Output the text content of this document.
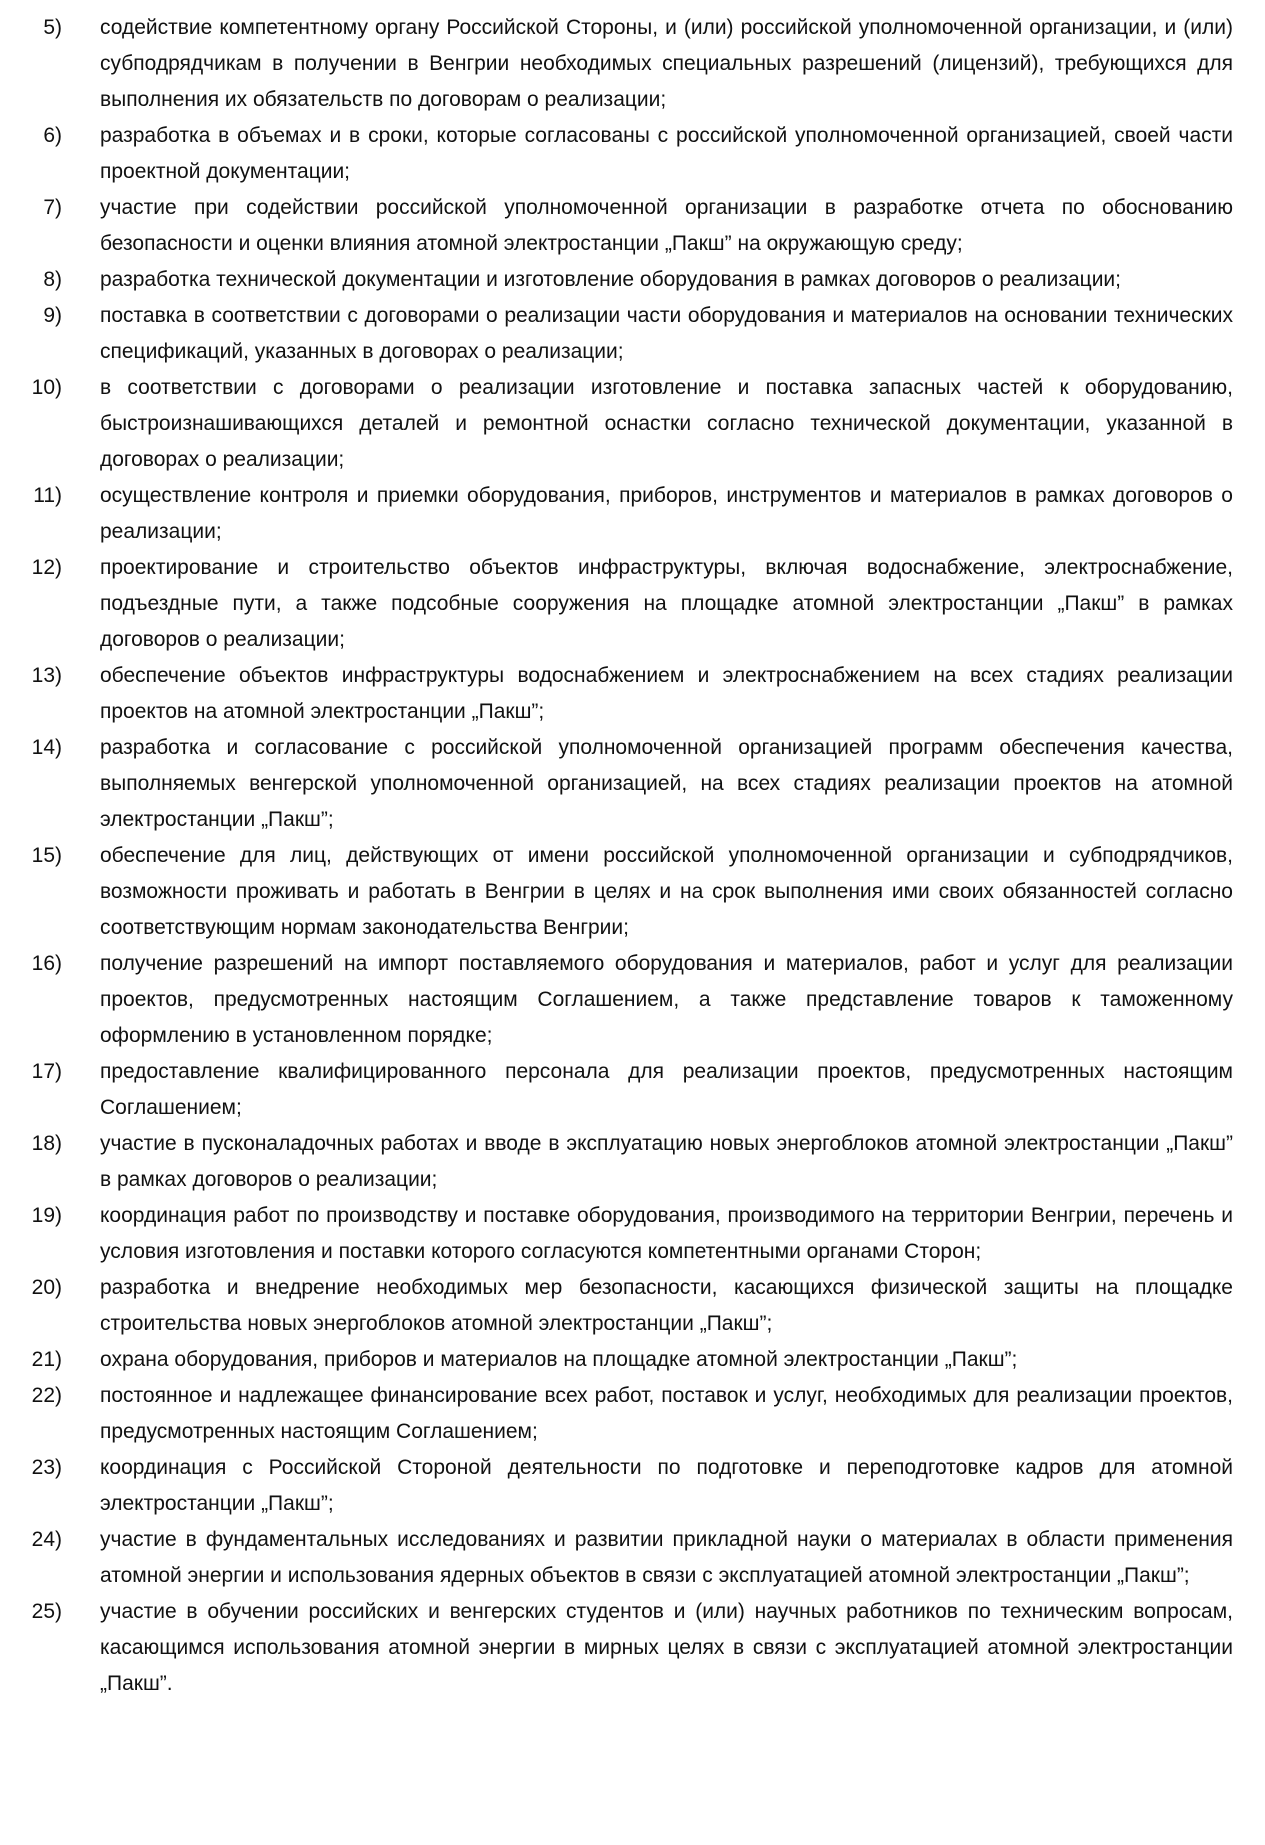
5) содействие компетентному органу Российской Стороны, и (или) российской уполномоченной организации, и (или) субподрядчикам в получении в Венгрии необходимых специальных разрешений (лицензий), требующихся для выполнения их обязательств по договорам о реализации;
6) разработка в объемах и в сроки, которые согласованы с российской уполномоченной организацией, своей части проектной документации;
7) участие при содействии российской уполномоченной организации в разработке отчета по обоснованию безопасности и оценки влияния атомной электростанции „Пакш” на окружающую среду;
8) разработка технической документации и изготовление оборудования в рамках договоров о реализации;
9) поставка в соответствии с договорами о реализации части оборудования и материалов на основании технических спецификаций, указанных в договорах о реализации;
10) в соответствии с договорами о реализации изготовление и поставка запасных частей к оборудованию, быстроизнашивающихся деталей и ремонтной оснастки согласно технической документации, указанной в договорах о реализации;
11) осуществление контроля и приемки оборудования, приборов, инструментов и материалов в рамках договоров о реализации;
12) проектирование и строительство объектов инфраструктуры, включая водоснабжение, электроснабжение, подъездные пути, а также подсобные сооружения на площадке атомной электростанции „Пакш” в рамках договоров о реализации;
13) обеспечение объектов инфраструктуры водоснабжением и электроснабжением на всех стадиях реализации проектов на атомной электростанции „Пакш”;
14) разработка и согласование с российской уполномоченной организацией программ обеспечения качества, выполняемых венгерской уполномоченной организацией, на всех стадиях реализации проектов на атомной электростанции „Пакш”;
15) обеспечение для лиц, действующих от имени российской уполномоченной организации и субподрядчиков, возможности проживать и работать в Венгрии в целях и на срок выполнения ими своих обязанностей согласно соответствующим нормам законодательства Венгрии;
16) получение разрешений на импорт поставляемого оборудования и материалов, работ и услуг для реализации проектов, предусмотренных настоящим Соглашением, а также представление товаров к таможенному оформлению в установленном порядке;
17) предоставление квалифицированного персонала для реализации проектов, предусмотренных настоящим Соглашением;
18) участие в пусконаладочных работах и вводе в эксплуатацию новых энергоблоков атомной электростанции „Пакш” в рамках договоров о реализации;
19) координация работ по производству и поставке оборудования, производимого на территории Венгрии, перечень и условия изготовления и поставки которого согласуются компетентными органами Сторон;
20) разработка и внедрение необходимых мер безопасности, касающихся физической защиты на площадке строительства новых энергоблоков атомной электростанции „Пакш”;
21) охрана оборудования, приборов и материалов на площадке атомной электростанции „Пакш”;
22) постоянное и надлежащее финансирование всех работ, поставок и услуг, необходимых для реализации проектов, предусмотренных настоящим Соглашением;
23) координация с Российской Стороной деятельности по подготовке и переподготовке кадров для атомной электростанции „Пакш”;
24) участие в фундаментальных исследованиях и развитии прикладной науки о материалах в области применения атомной энергии и использования ядерных объектов в связи с эксплуатацией атомной электростанции „Пакш”;
25) участие в обучении российских и венгерских студентов и (или) научных работников по техническим вопросам, касающимся использования атомной энергии в мирных целях в связи с эксплуатацией атомной электростанции „Пакш”.
